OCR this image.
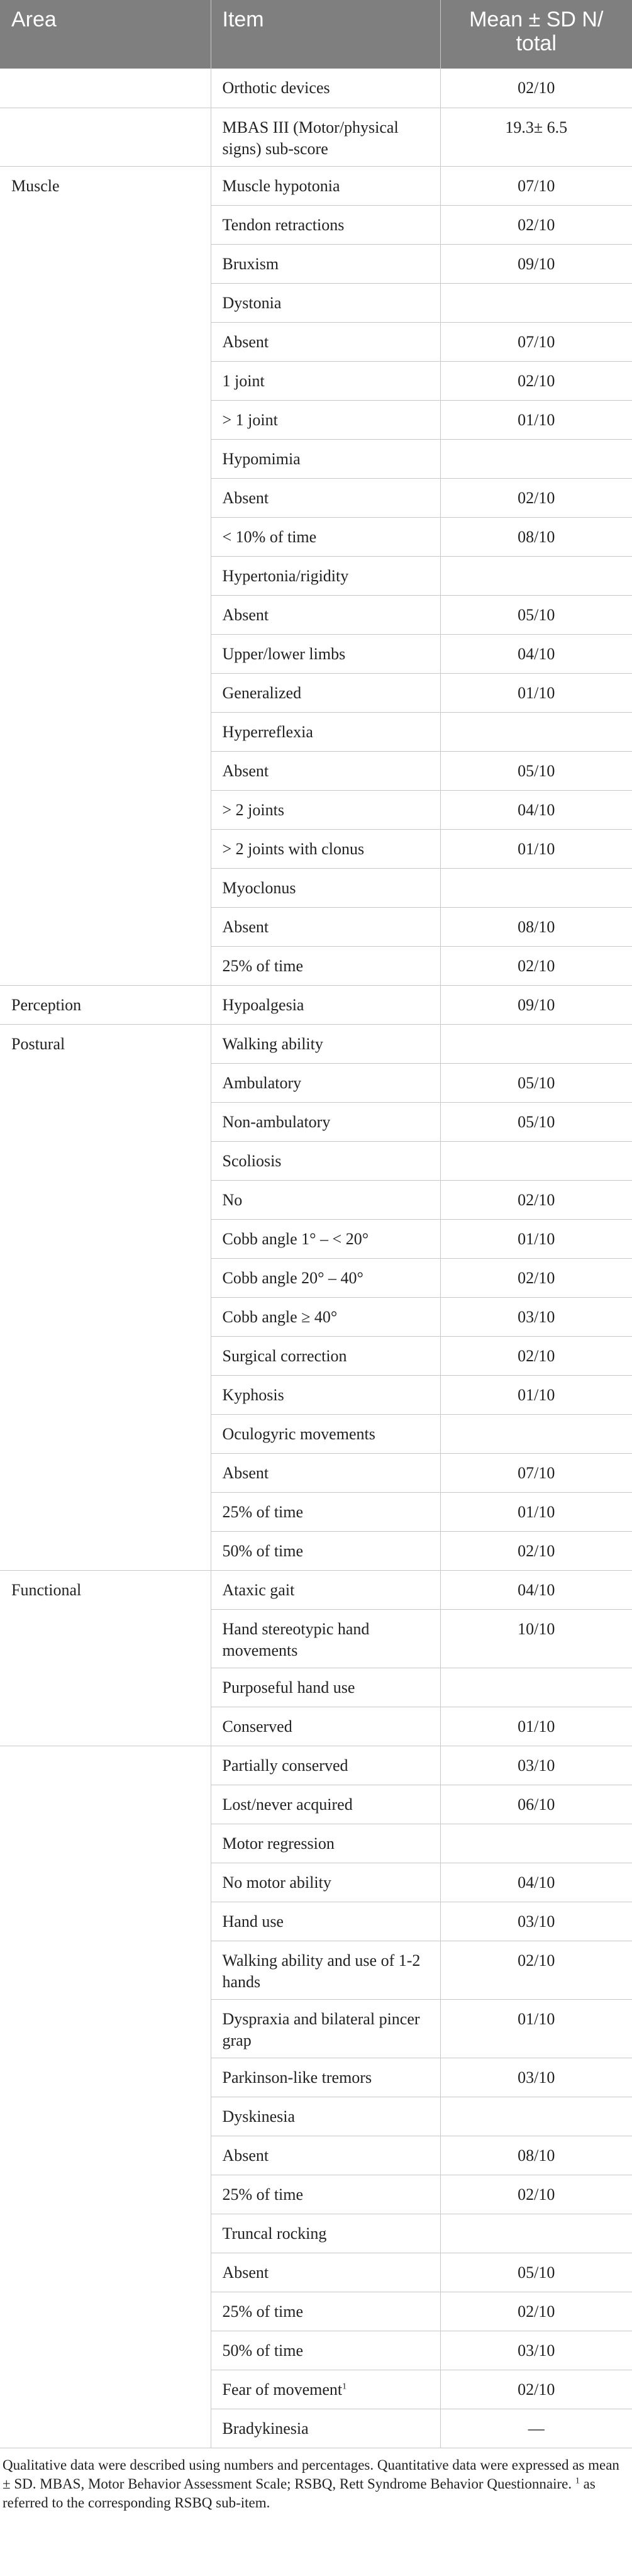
Area	Item	Mean ± SD N/
total
	Orthotic devices	02/10
	MBAS III (Motor/physical signs) sub-score	19.3± 6.5
Muscle	Muscle hypotonia	07/10
	Tendon retractions	02/10
	Bruxism	09/10
	Dystonia	
	Absent	07/10
	1 joint	02/10
	> 1 joint	01/10
	Hypomimia	
	Absent	02/10
	< 10% of time	08/10
	Hypertonia/rigidity	
	Absent	05/10
	Upper/lower limbs	04/10
	Generalized	01/10
	Hyperreflexia	
	Absent	05/10
	> 2 joints	04/10
	> 2 joints with clonus	01/10
	Myoclonus	
	Absent	08/10
	25% of time	02/10
Perception	Hypoalgesia	09/10
Postural	Walking ability	
	Ambulatory	05/10
	Non-ambulatory	05/10
	Scoliosis	
	No	02/10
	Cobb angle 1° – < 20°	01/10
	Cobb angle 20° – 40°	02/10
	Cobb angle ≥ 40°	03/10
	Surgical correction	02/10
	Kyphosis	01/10
	Oculogyric movements	
	Absent	07/10
	25% of time	01/10
	50% of time	02/10
Functional	Ataxic gait	04/10
	Hand stereotypic hand movements	10/10
	Purposeful hand use	
	Conserved	01/10
	Partially conserved	03/10
	Lost/never acquired	06/10
	Motor regression	
	No motor ability	04/10
	Hand use	03/10
	Walking ability and use of 1-2 hands	02/10
	Dyspraxia and bilateral pincer grap	01/10
	Parkinson-like tremors	03/10
	Dyskinesia	
	Absent	08/10
	25% of time	02/10
	Truncal rocking	
	Absent	05/10
	25% of time	02/10
	50% of time	03/10
	Fear of movement$^1$	02/10
	Bradykinesia	—
Qualitative data were described using numbers and percentages. Quantitative data were expressed as mean ± SD. MBAS, Motor Behavior Assessment Scale; RSBQ, Rett Syndrome Behavior Questionnaire. $^1$ as referred to the corresponding RSBQ sub-item.
